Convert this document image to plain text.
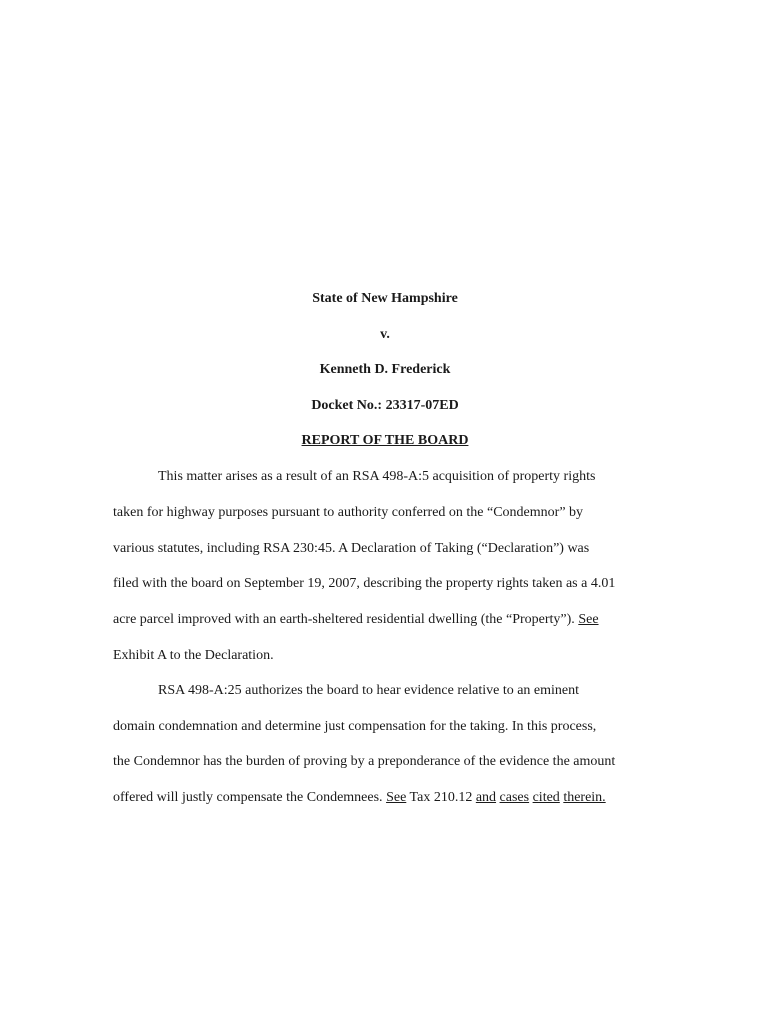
State of New Hampshire
v.
Kenneth D. Frederick
Docket No.: 23317-07ED
REPORT OF THE BOARD
This matter arises as a result of an RSA 498-A:5 acquisition of property rights
taken for highway purposes pursuant to authority conferred on the “Condemnor” by
various statutes, including RSA 230:45. A Declaration of Taking (“Declaration”) was
filed with the board on September 19, 2007, describing the property rights taken as a 4.01
acre parcel improved with an earth-sheltered residential dwelling (the “Property”). See
Exhibit A to the Declaration.
RSA 498-A:25 authorizes the board to hear evidence relative to an eminent
domain condemnation and determine just compensation for the taking. In this process,
the Condemnor has the burden of proving by a preponderance of the evidence the amount
offered will justly compensate the Condemnees. See Tax 210.12 and cases cited therein.
